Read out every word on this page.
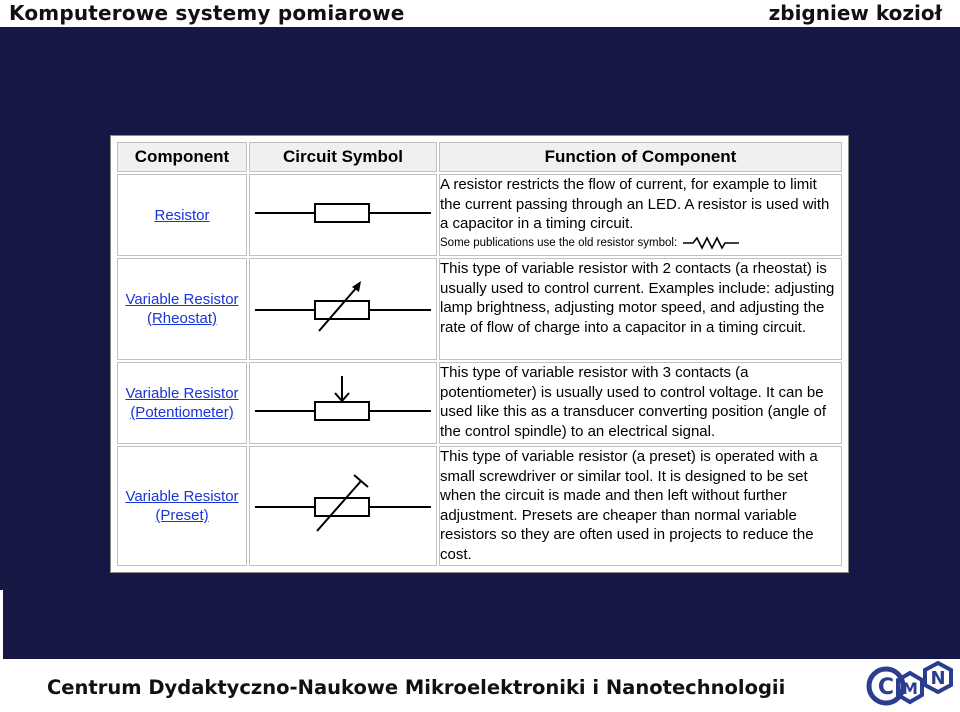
Komputerowe systemy pomiarowe	zbigniew kozioł
Component	Circuit Symbol	Function of Component
Resistor		A resistor restricts the flow of current, for example to limit the current passing through an LED. A resistor is used with a capacitor in a timing circuit.
Some publications use the old resistor symbol:

Variable Resistor
(Rheostat)		This type of variable resistor with 2 contacts (a rheostat) is usually used to control current. Examples include: adjusting lamp brightness, adjusting motor speed, and adjusting the rate of flow of charge into a capacitor in a timing circuit.

Variable Resistor
(Potentiometer)		This type of variable resistor with 3 contacts (a potentiometer) is usually used to control voltage. It can be used like this as a transducer converting position (angle of the control spindle) to an electrical signal.

Variable Resistor
(Preset)		This type of variable resistor (a preset) is operated with a small screwdriver or similar tool. It is designed to be set when the circuit is made and then left without further adjustment. Presets are cheaper than normal variable resistors so they are often used in projects to reduce the cost.
Centrum Dydaktyczno-Naukowe Mikroelektroniki i Nanotechnologii	C M N
